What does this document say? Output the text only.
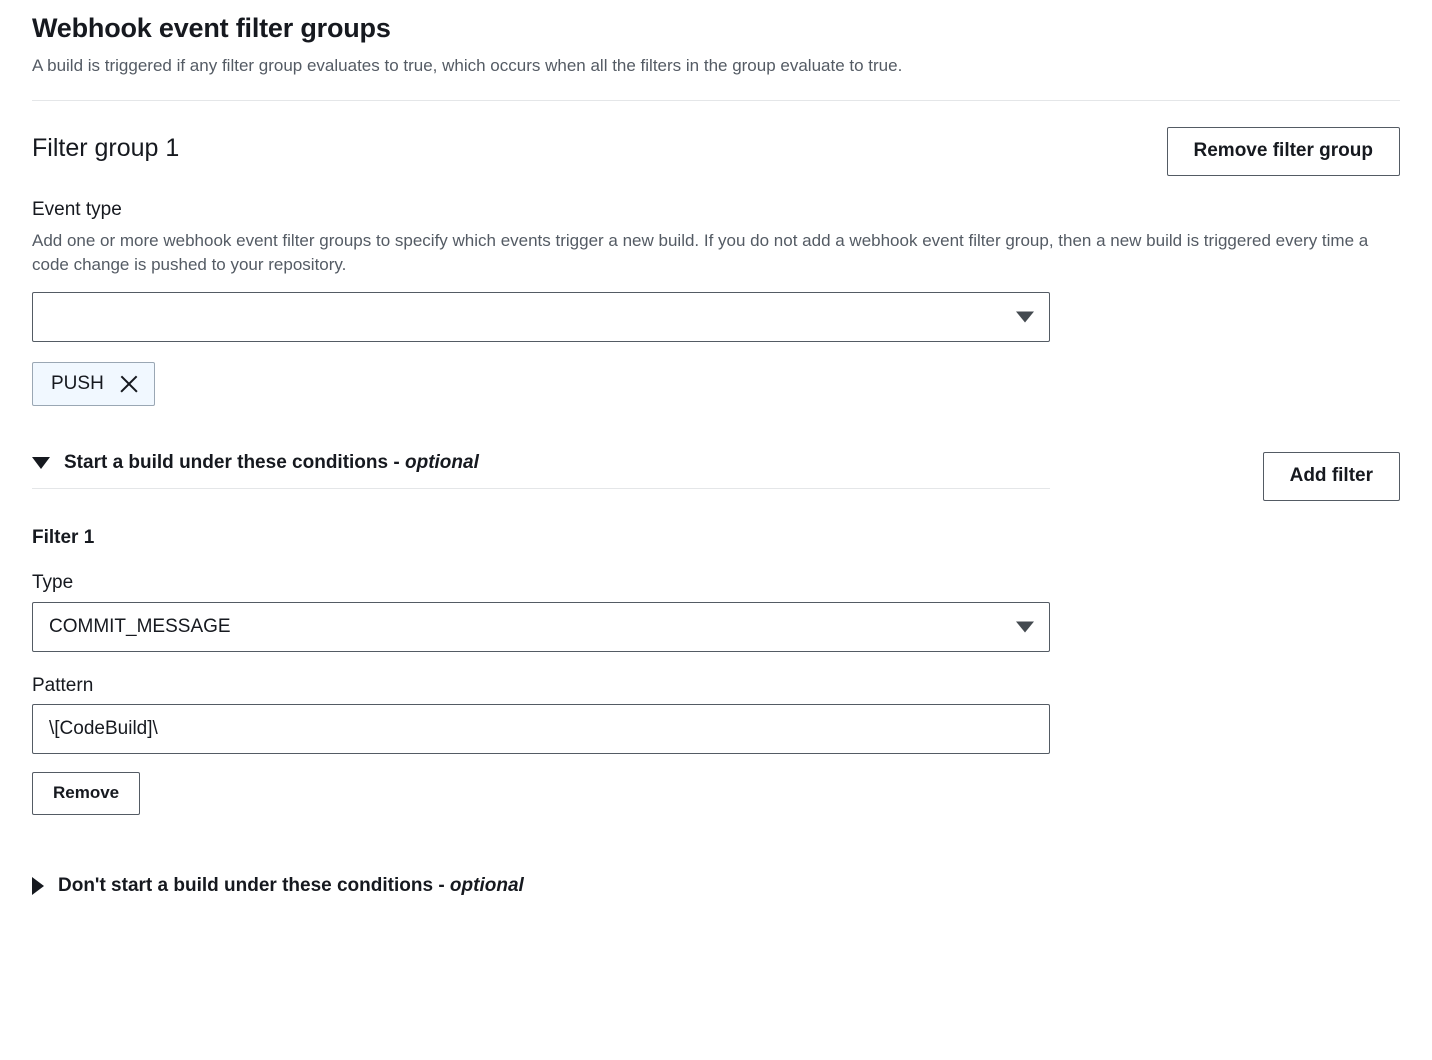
Webhook event filter groups

A build is triggered if any filter group evaluates to true, which occurs when all the filters in the group evaluate to true.

Filter group 1	Remove filter group
Event type
Add one or more webhook event filter groups to specify which events trigger a new build. If you do not add a webhook event filter group, then a new build is triggered every time a code change is pushed to your repository.
PUSH
Start a build under these conditions - optional
Add filter
Filter 1
Type
COMMIT_MESSAGE
Pattern
\[CodeBuild]\
Remove
Don't start a build under these conditions - optional
